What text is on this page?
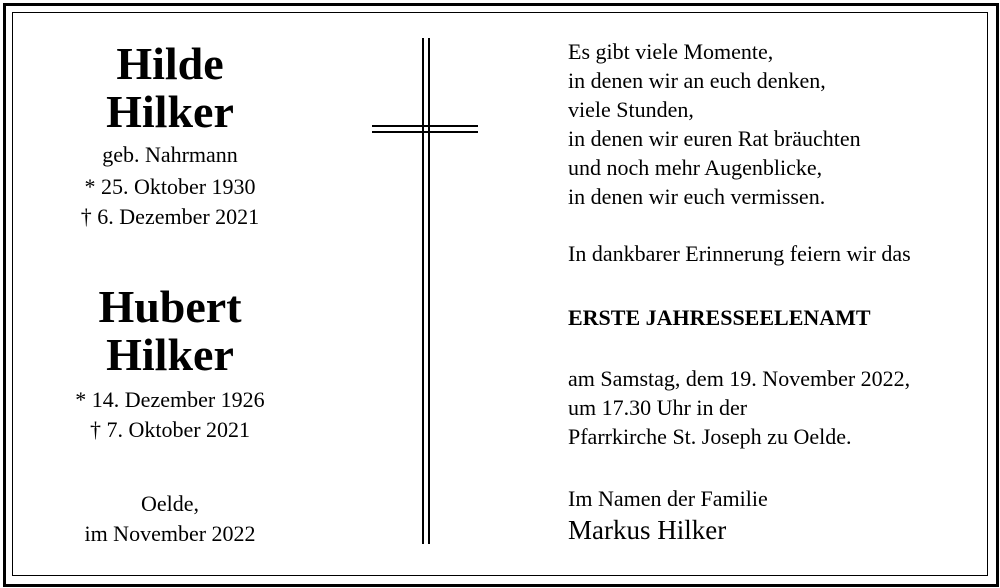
Hilde
Hilker
geb. Nahrmann
* 25. Oktober 1930
† 6. Dezember 2021
Hubert
Hilker
* 14. Dezember 1926
† 7. Oktober 2021
Oelde,
im November 2022
Es gibt viele Momente,
in denen wir an euch denken,
viele Stunden,
in denen wir euren Rat bräuchten
und noch mehr Augenblicke,
in denen wir euch vermissen.
In dankbarer Erinnerung feiern wir das
ERSTE JAHRESSEELENAMT
am Samstag, dem 19. November 2022,
um 17.30 Uhr in der
Pfarrkirche St. Joseph zu Oelde.
Im Namen der Familie
Markus Hilker
